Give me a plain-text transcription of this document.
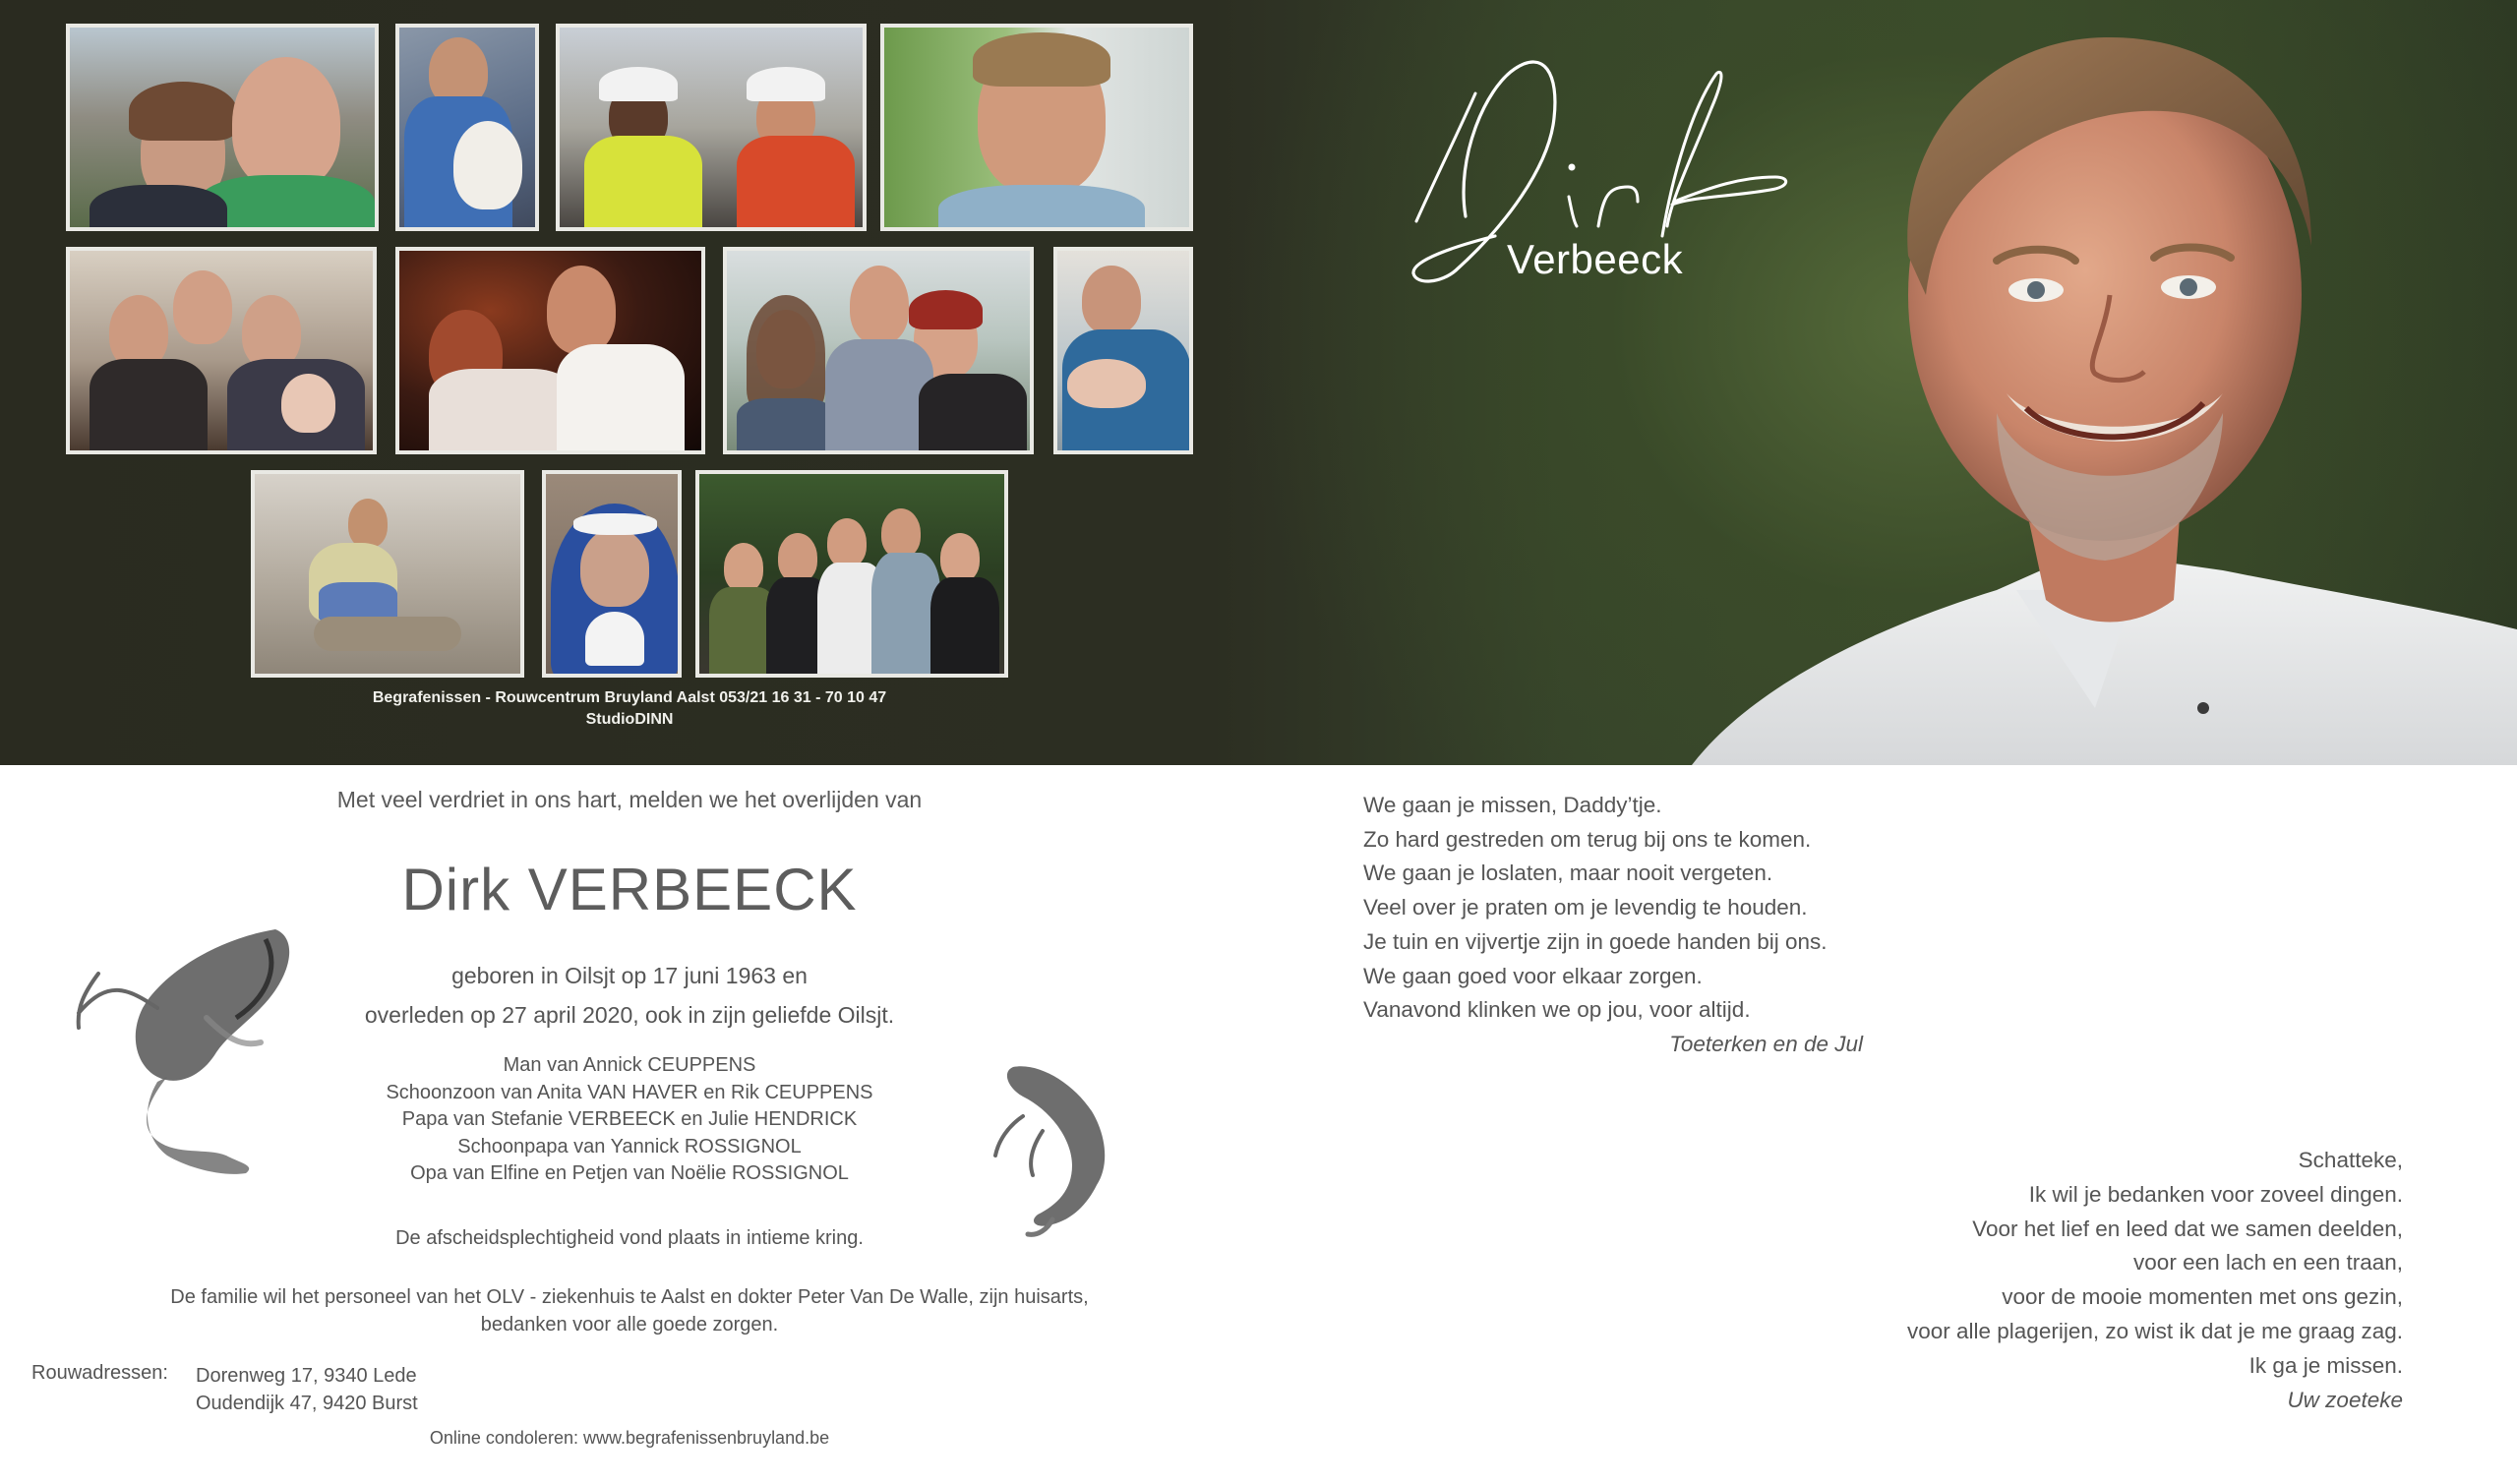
Begrafenissen - Rouwcentrum Bruyland Aalst 053/21 16 31 - 70 10 47
StudioDINN
Verbeeck
Met veel verdriet in ons hart, melden we het overlijden van
Dirk VERBEECK
geboren in Oilsjt op 17 juni 1963 en
overleden op 27 april 2020, ook in zijn geliefde Oilsjt.
Man van Annick CEUPPENS
Schoonzoon van Anita VAN HAVER en Rik CEUPPENS
Papa van Stefanie VERBEECK en Julie HENDRICK
Schoonpapa van Yannick ROSSIGNOL
Opa van Elfine en Petjen van Noëlie ROSSIGNOL
De afscheidsplechtigheid vond plaats in intieme kring.
De familie wil het personeel van het OLV - ziekenhuis te Aalst en dokter Peter Van De Walle, zijn huisarts,
bedanken voor alle goede zorgen.
Rouwadressen: Dorenweg 17, 9340 Lede
Oudendijk 47, 9420 Burst
Online condoleren: www.begrafenissenbruyland.be
We gaan je missen, Daddy’tje.
Zo hard gestreden om terug bij ons te komen.
We gaan je loslaten, maar nooit vergeten.
Veel over je praten om je levendig te houden.
Je tuin en vijvertje zijn in goede handen bij ons.
We gaan goed voor elkaar zorgen.
Vanavond klinken we op jou, voor altijd.
Toeterken en de Jul
Schatteke,
Ik wil je bedanken voor zoveel dingen.
Voor het lief en leed dat we samen deelden,
voor een lach en een traan,
voor de mooie momenten met ons gezin,
voor alle plagerijen, zo wist ik dat je me graag zag.
Ik ga je missen.
Uw zoeteke
